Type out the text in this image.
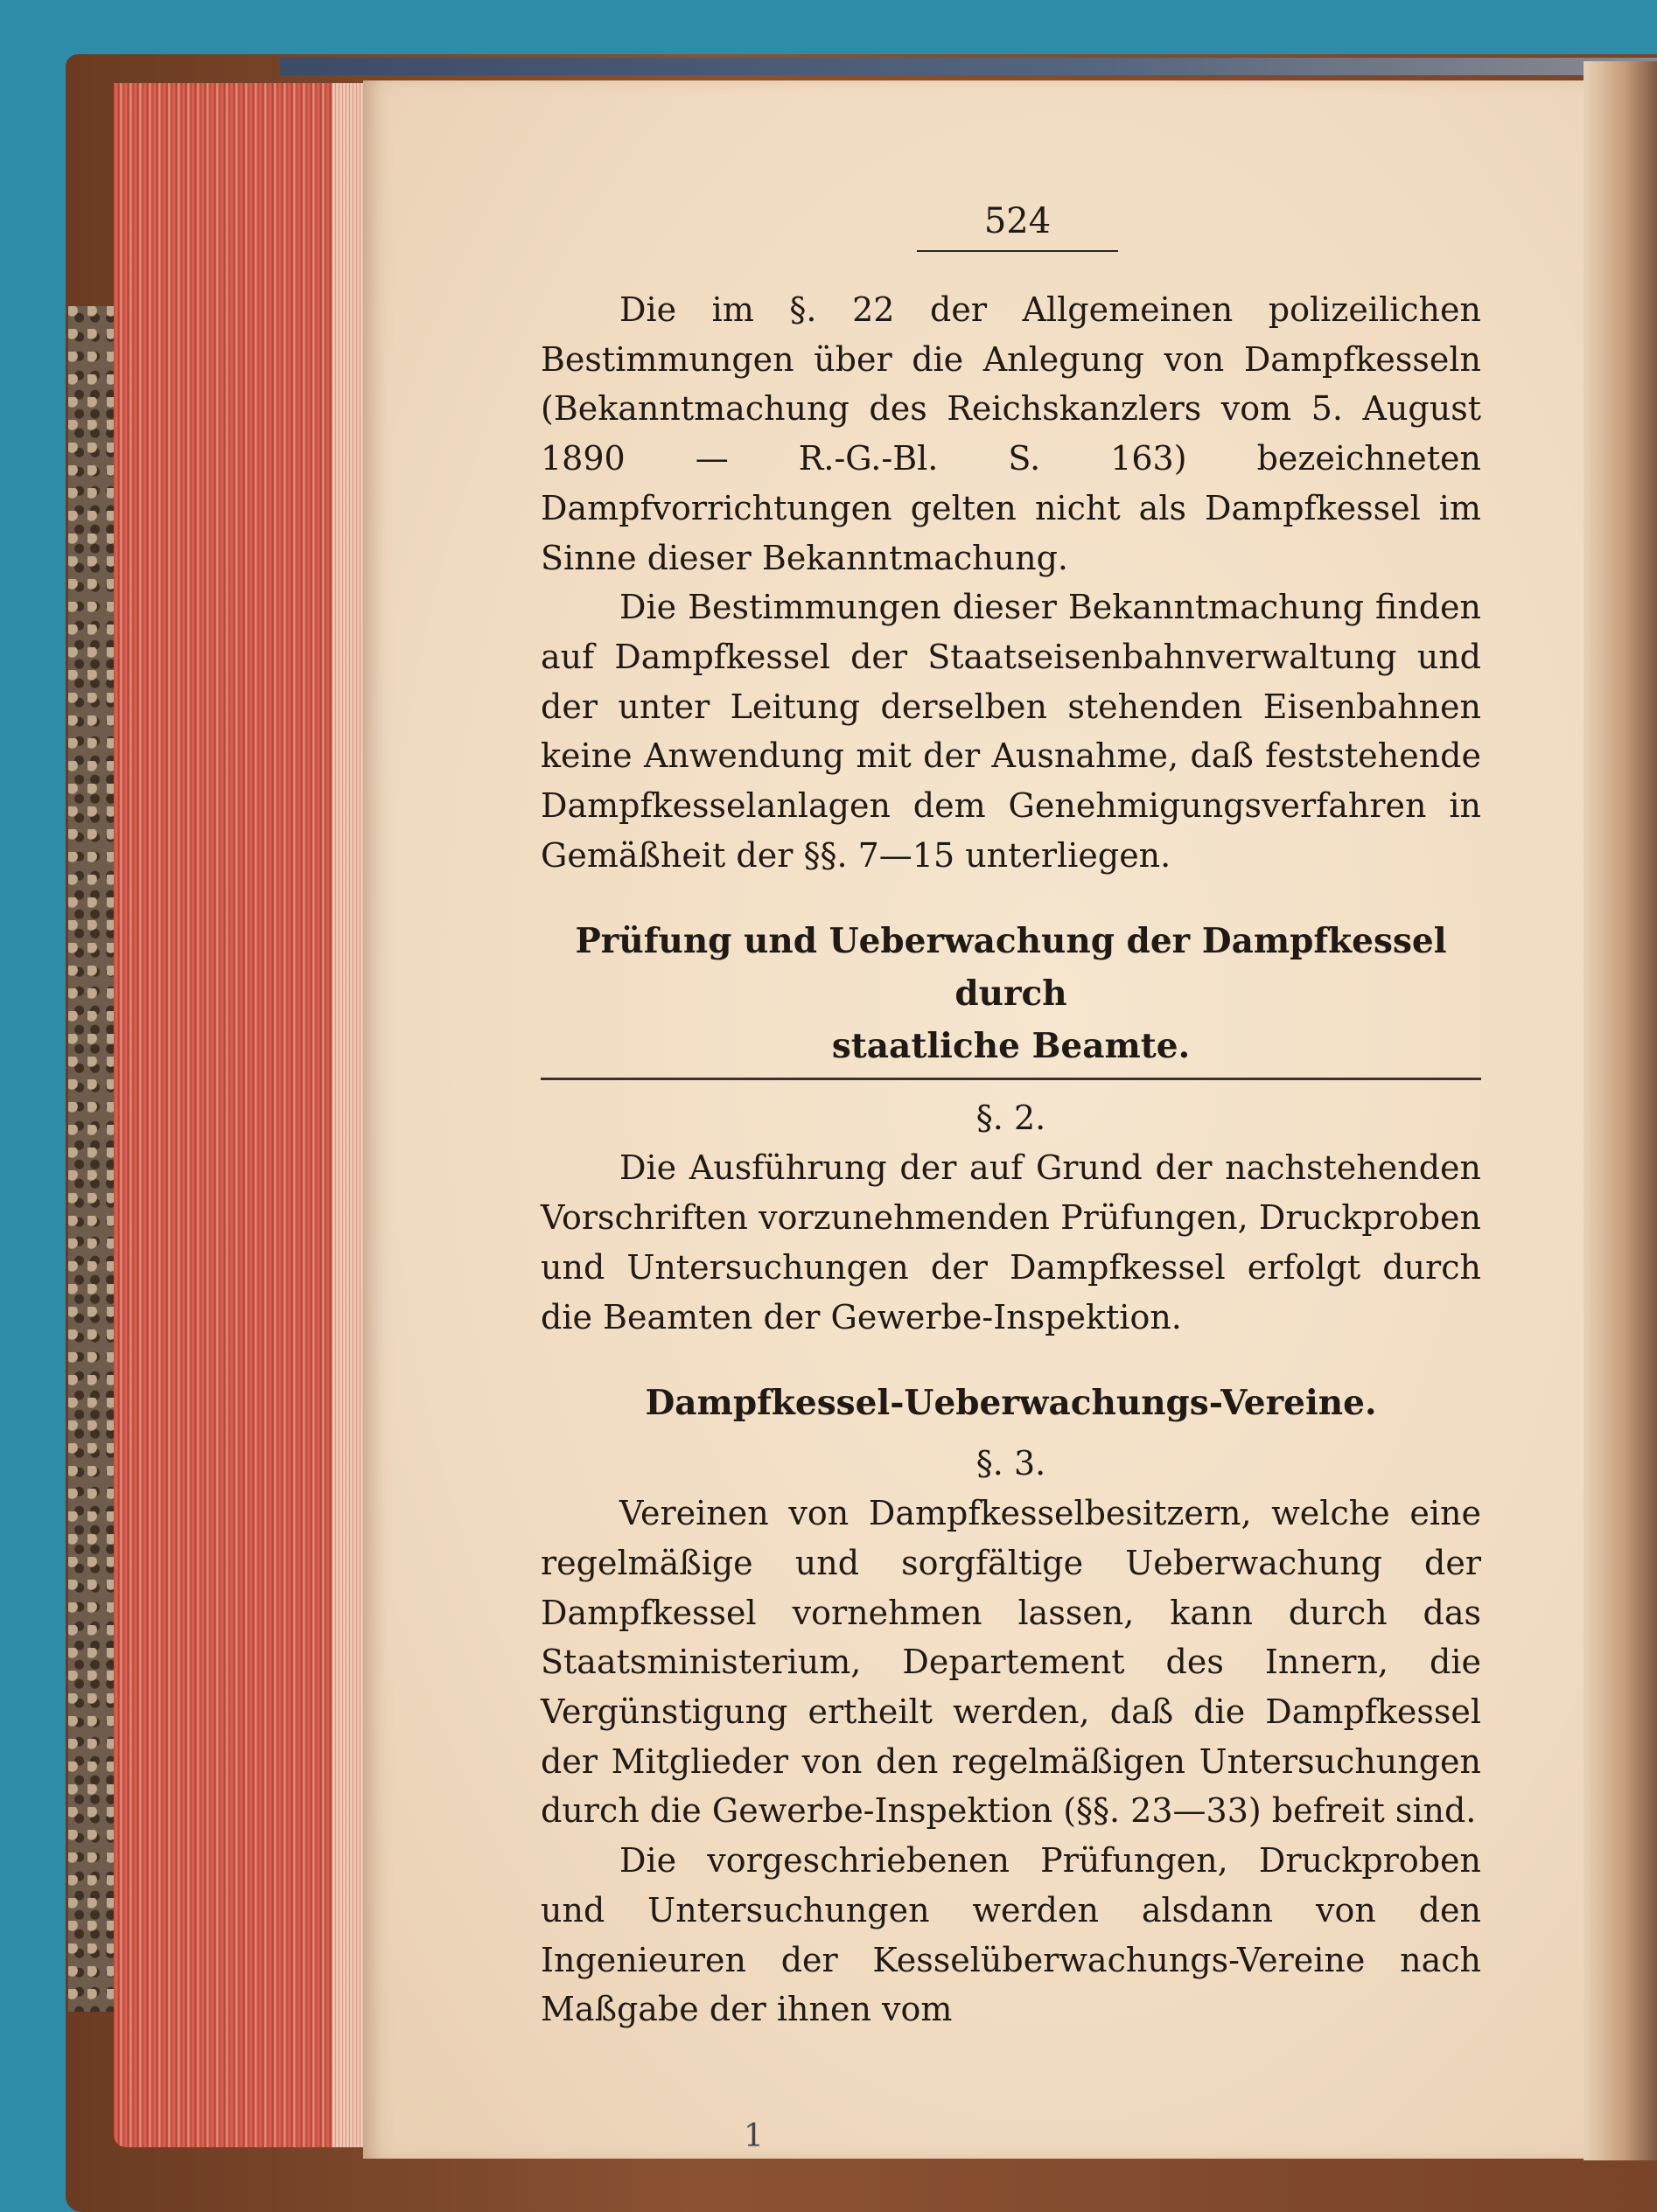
524

Die im §. 22 der Allgemeinen polizeilichen Bestimmungen über die Anlegung von Dampfkesseln (Bekanntmachung des Reichskanzlers vom 5. August 1890 — R.-G.-Bl. S. 163) bezeichneten Dampfvorrichtungen gelten nicht als Dampfkessel im Sinne dieser Bekanntmachung.

Die Bestimmungen dieser Bekanntmachung finden auf Dampfkessel der Staatseisenbahnverwaltung und der unter Leitung derselben stehenden Eisenbahnen keine Anwendung mit der Ausnahme, daß feststehende Dampfkesselanlagen dem Genehmigungsverfahren in Gemäßheit der §§. 7—15 unterliegen.

Prüfung und Ueberwachung der Dampfkessel durch

staatliche Beamte.

§. 2.

Die Ausführung der auf Grund der nachstehenden Vorschriften vorzunehmenden Prüfungen, Druckproben und Untersuchungen der Dampfkessel erfolgt durch die Beamten der Gewerbe-Inspektion.

Dampfkessel-Ueberwachungs-Vereine.

§. 3.

Vereinen von Dampfkesselbesitzern, welche eine regelmäßige und sorgfältige Ueberwachung der Dampfkessel vornehmen lassen, kann durch das Staatsministerium, Departement des Innern, die Vergünstigung ertheilt werden, daß die Dampfkessel der Mitglieder von den regelmäßigen Untersuchungen durch die Gewerbe-Inspektion (§§. 23—33) befreit sind.

Die vorgeschriebenen Prüfungen, Druckproben und Untersuchungen werden alsdann von den Ingenieuren der Kesselüberwachungs-Vereine nach Maßgabe der ihnen vom

1
